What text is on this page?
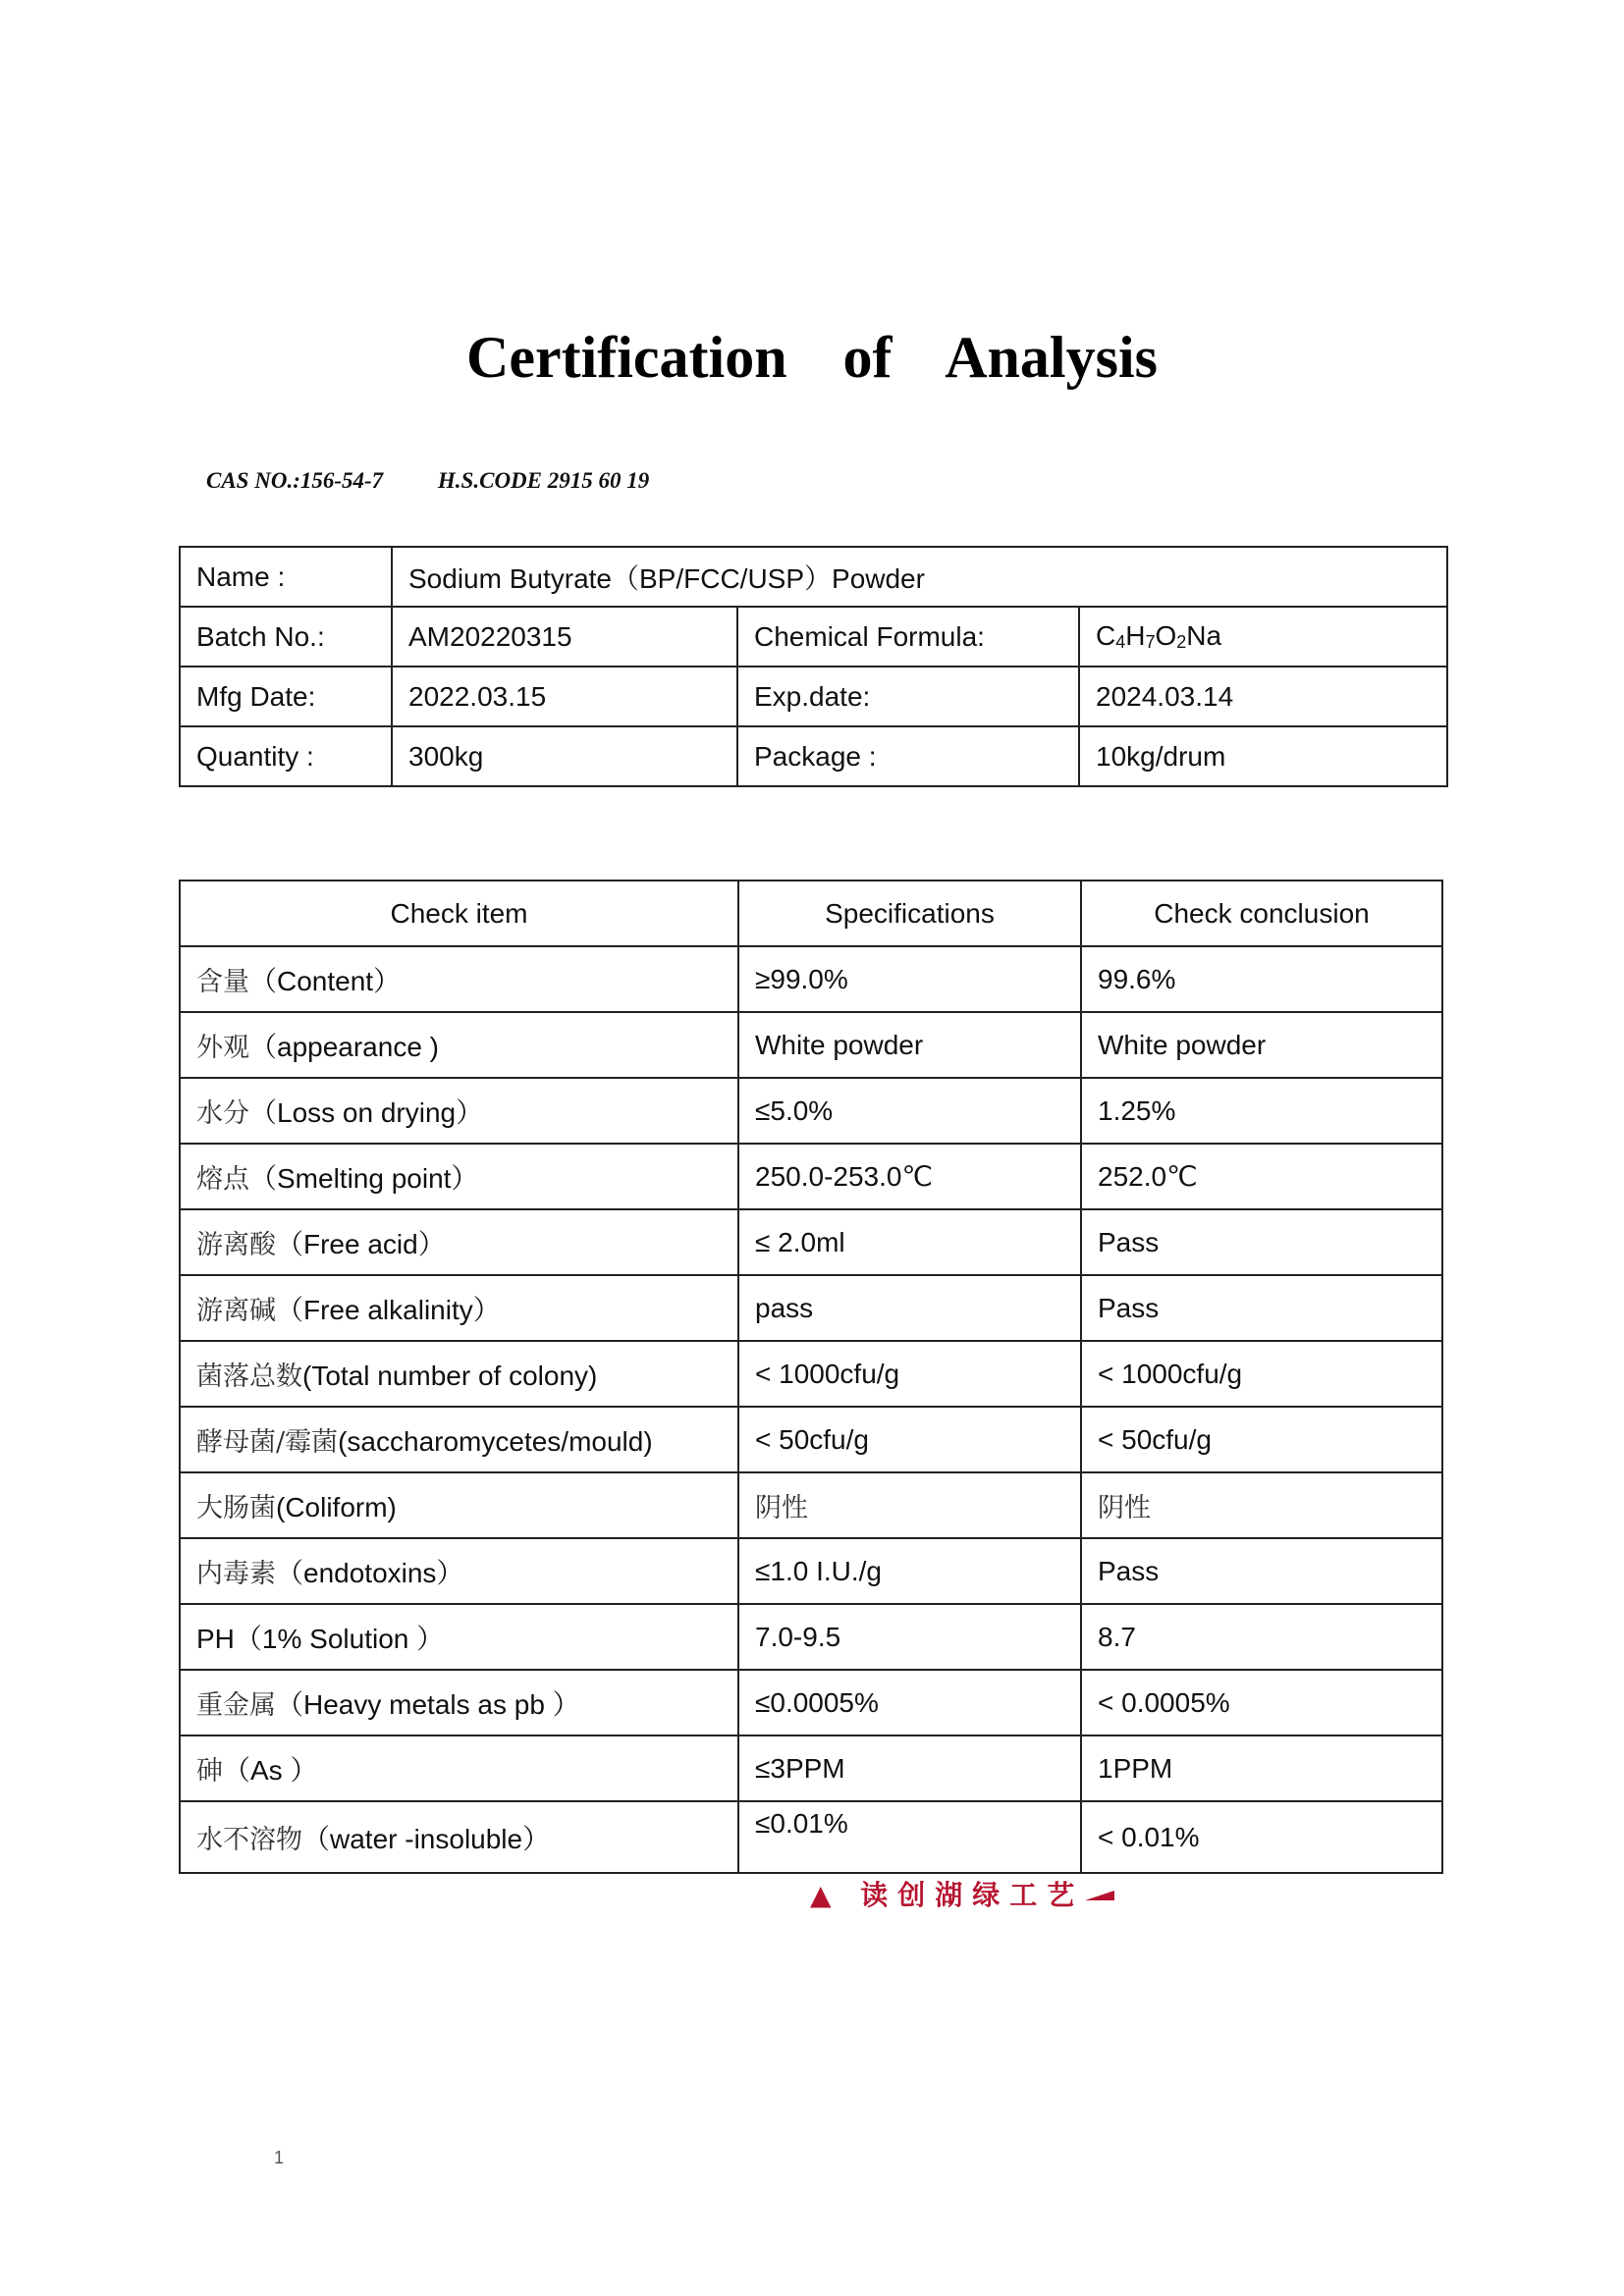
Certification of Analysis
CAS NO.:156-54-7 H.S.CODE 2915 60 19
Name :	Sodium Butyrate（BP/FCC/USP）Powder		
Batch No.:	AM20220315	Chemical Formula:	C4H7O2Na
Mfg Date:	2022.03.15	Exp.date:	2024.03.14
Quantity :	300kg	Package :	10kg/drum
Check item	Specifications	Check conclusion
含量（Content）	≥99.0%	99.6%
外观（appearance )	White powder	White powder
水分（Loss on drying）	≤5.0%	1.25%
熔点（Smelting point）	250.0-253.0℃	252.0℃
游离酸（Free acid）	≤ 2.0ml	Pass
游离碱（Free alkalinity）	pass	Pass
菌落总数(Total number of colony)	< 1000cfu/g	< 1000cfu/g
酵母菌/霉菌(saccharomycetes/mould)	< 50cfu/g	< 50cfu/g
大肠菌(Coliform)	阴性	阴性
内毒素（endotoxins）	≤1.0 I.U./g	Pass
PH（1% Solution ）	7.0-9.5	8.7
重金属（Heavy metals as pb ）	≤0.0005%	< 0.0005%
砷（As ）	≤3PPM	1PPM
水不溶物（water -insoluble）	≤0.01%	< 0.01%
▲ 读创湖绿工艺
1
